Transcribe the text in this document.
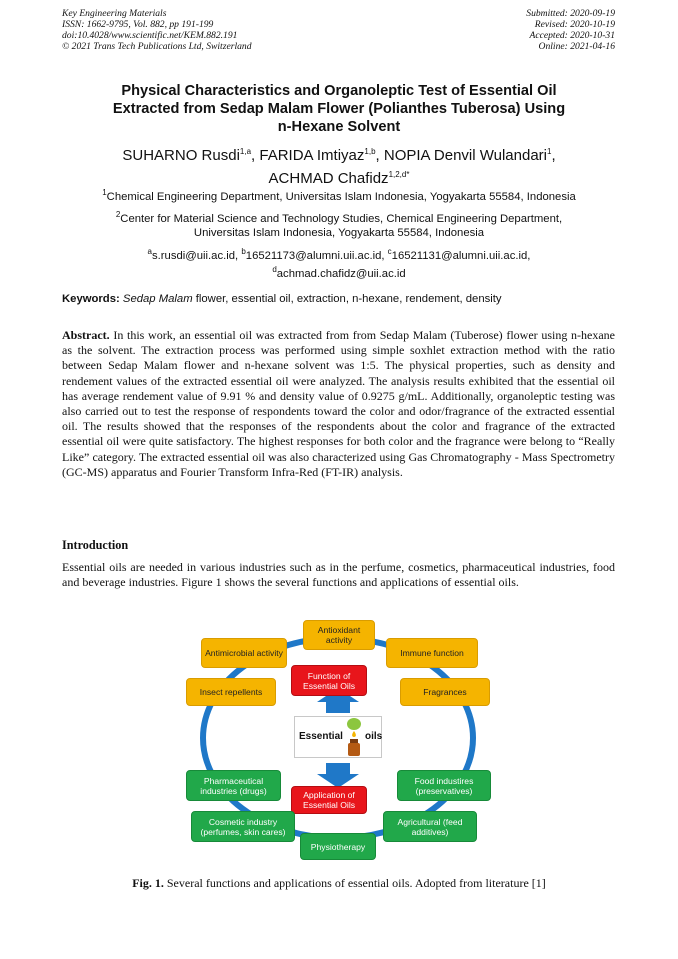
Key Engineering Materials
ISSN: 1662-9795, Vol. 882, pp 191-199
doi:10.4028/www.scientific.net/KEM.882.191
© 2021 Trans Tech Publications Ltd, Switzerland
Submitted: 2020-09-19
Revised: 2020-10-19
Accepted: 2020-10-31
Online: 2021-04-16
Physical Characteristics and Organoleptic Test of Essential Oil
Extracted from Sedap Malam Flower (Polianthes Tuberosa) Using
n-Hexane Solvent
SUHARNO Rusdi$^{1,a}$, FARIDA Imtiyaz$^{1,b}$, NOPIA Denvil Wulandari$^1$,
ACHMAD Chafidz$^{1,2,d*}$
$^1$Chemical Engineering Department, Universitas Islam Indonesia, Yogyakarta 55584, Indonesia
$^2$Center for Material Science and Technology Studies, Chemical Engineering Department,
Universitas Islam Indonesia, Yogyakarta 55584, Indonesia
$^a$s.rusdi@uii.ac.id, $^b$16521173@alumni.uii.ac.id, $^c$16521131@alumni.uii.ac.id,
$^d$achmad.chafidz@uii.ac.id
Keywords: Sedap Malam flower, essential oil, extraction, n-hexane, rendement, density
Abstract. In this work, an essential oil was extracted from from Sedap Malam (Tuberose) flower using n-hexane as the solvent. The extraction process was performed using simple soxhlet extraction method with the ratio between Sedap Malam flower and n-hexane solvent was 1:5. The physical properties, such as density and rendement values of the extracted essential oil were analyzed. The analysis results exhibited that the essential oil has average rendement value of 9.91 % and density value of 0.9275 g/mL. Additionally, organoleptic testing was also carried out to test the response of respondents toward the color and odor/fragrance of the extracted essential oil. The results showed that the responses of the respondents about the color and fragrance of the extracted essential oil were quite satisfactory. The highest responses for both color and the fragrance were belong to “Really Like” category. The extracted essential oil was also characterized using Gas Chromatography - Mass Spectrometry (GC-MS) apparatus and Fourier Transform Infra-Red (FT-IR) analysis.
Introduction
Essential oils are needed in various industries such as in the perfume, cosmetics, pharmaceutical industries, food and beverage industries. Figure 1 shows the several functions and applications of essential oils.
Antioxidant activity
Antimicrobial activity	Immune function
Insect repellents	Fragrances
Function of Essential Oils
Essential oils
Application of Essential Oils
Pharmaceutical industries (drugs)
Food industires (preservatives)
Cosmetic industry (perfumes, skin cares)
Agricultural (feed additives)
Physiotherapy
Fig. 1. Several functions and applications of essential oils. Adopted from literature [1]
